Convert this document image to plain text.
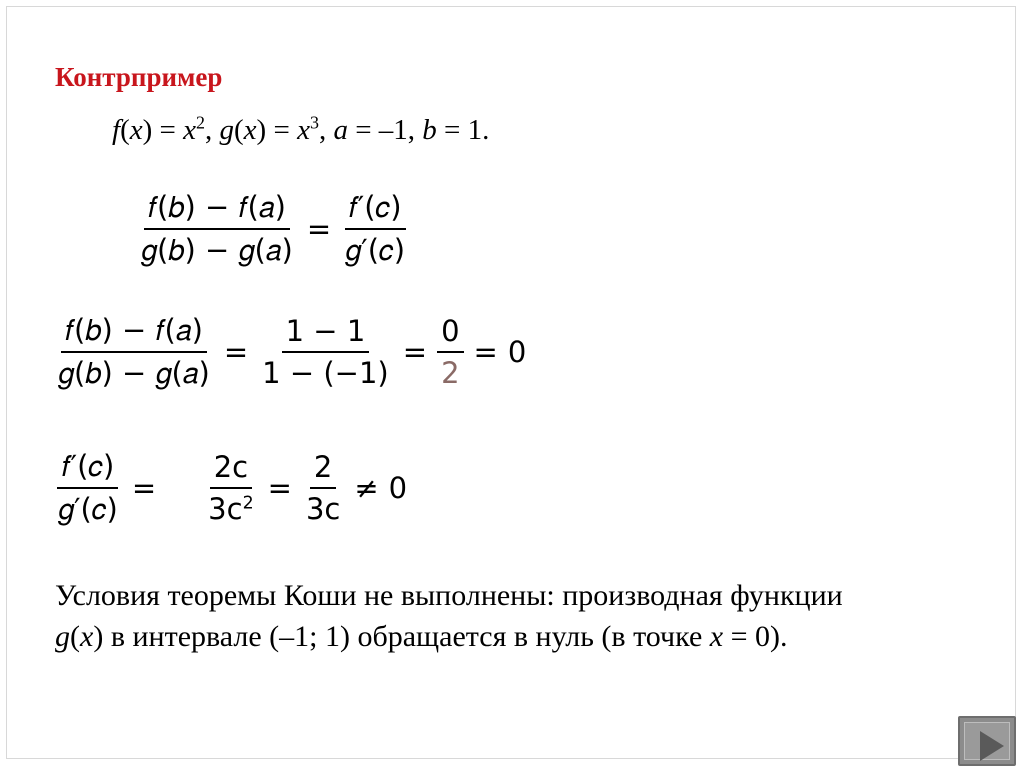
Контрпример
$f(x) = x^2$, $g(x) = x^3$, a = –1, b = 1.
$\frac{\text{𝑓(𝑏) − 𝑓(𝑎)}}{\text{𝑔(𝑏) − 𝑔(𝑎)}} = \frac{\text{𝑓′(𝑐)}}{\text{𝑔′(𝑐)}}$
$\frac{\text{𝑓(𝑏) − 𝑓(𝑎)}}{\text{𝑔(𝑏) − 𝑔(𝑎)}} = \frac{1 - 1}{1 - (-1)} = \frac{0}{2} = 0$
$\frac{\text{𝑓′(𝑐)}}{\text{𝑔′(𝑐)}}$ =	$\frac{2c}{3c^2} = \frac{2}{3c} \ne 0$
Условия теоремы Коши не выполнены: производная функции
g(x) в интервале (–1; 1) обращается в нуль (в точке x = 0).
